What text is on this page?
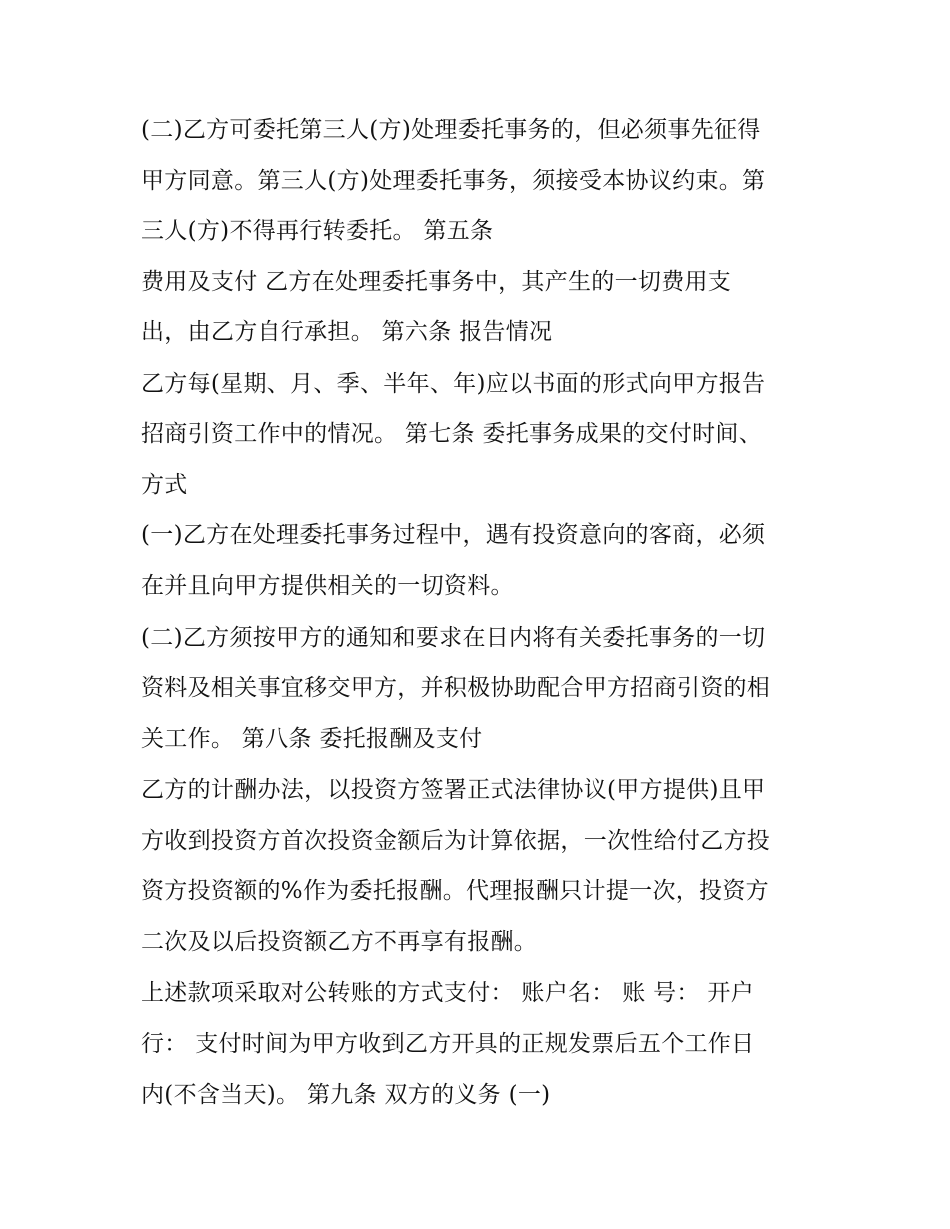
(二)乙方可委托第三人(方)处理委托事务的，但必须事先征得
甲方同意。第三人(方)处理委托事务，须接受本协议约束。第
三人(方)不得再行转委托。 第五条
费用及支付 乙方在处理委托事务中，其产生的一切费用支
出，由乙方自行承担。 第六条 报告情况
乙方每(星期、月、季、半年、年)应以书面的形式向甲方报告
招商引资工作中的情况。 第七条 委托事务成果的交付时间、
方式
(一)乙方在处理委托事务过程中，遇有投资意向的客商，必须
在并且向甲方提供相关的一切资料。
(二)乙方须按甲方的通知和要求在日内将有关委托事务的一切
资料及相关事宜移交甲方，并积极协助配合甲方招商引资的相
关工作。 第八条 委托报酬及支付
乙方的计酬办法，以投资方签署正式法律协议(甲方提供)且甲
方收到投资方首次投资金额后为计算依据，一次性给付乙方投
资方投资额的%作为委托报酬。代理报酬只计提一次，投资方
二次及以后投资额乙方不再享有报酬。
上述款项采取对公转账的方式支付： 账户名： 账 号： 开户
行： 支付时间为甲方收到乙方开具的正规发票后五个工作日
内(不含当天)。 第九条 双方的义务 (一)
